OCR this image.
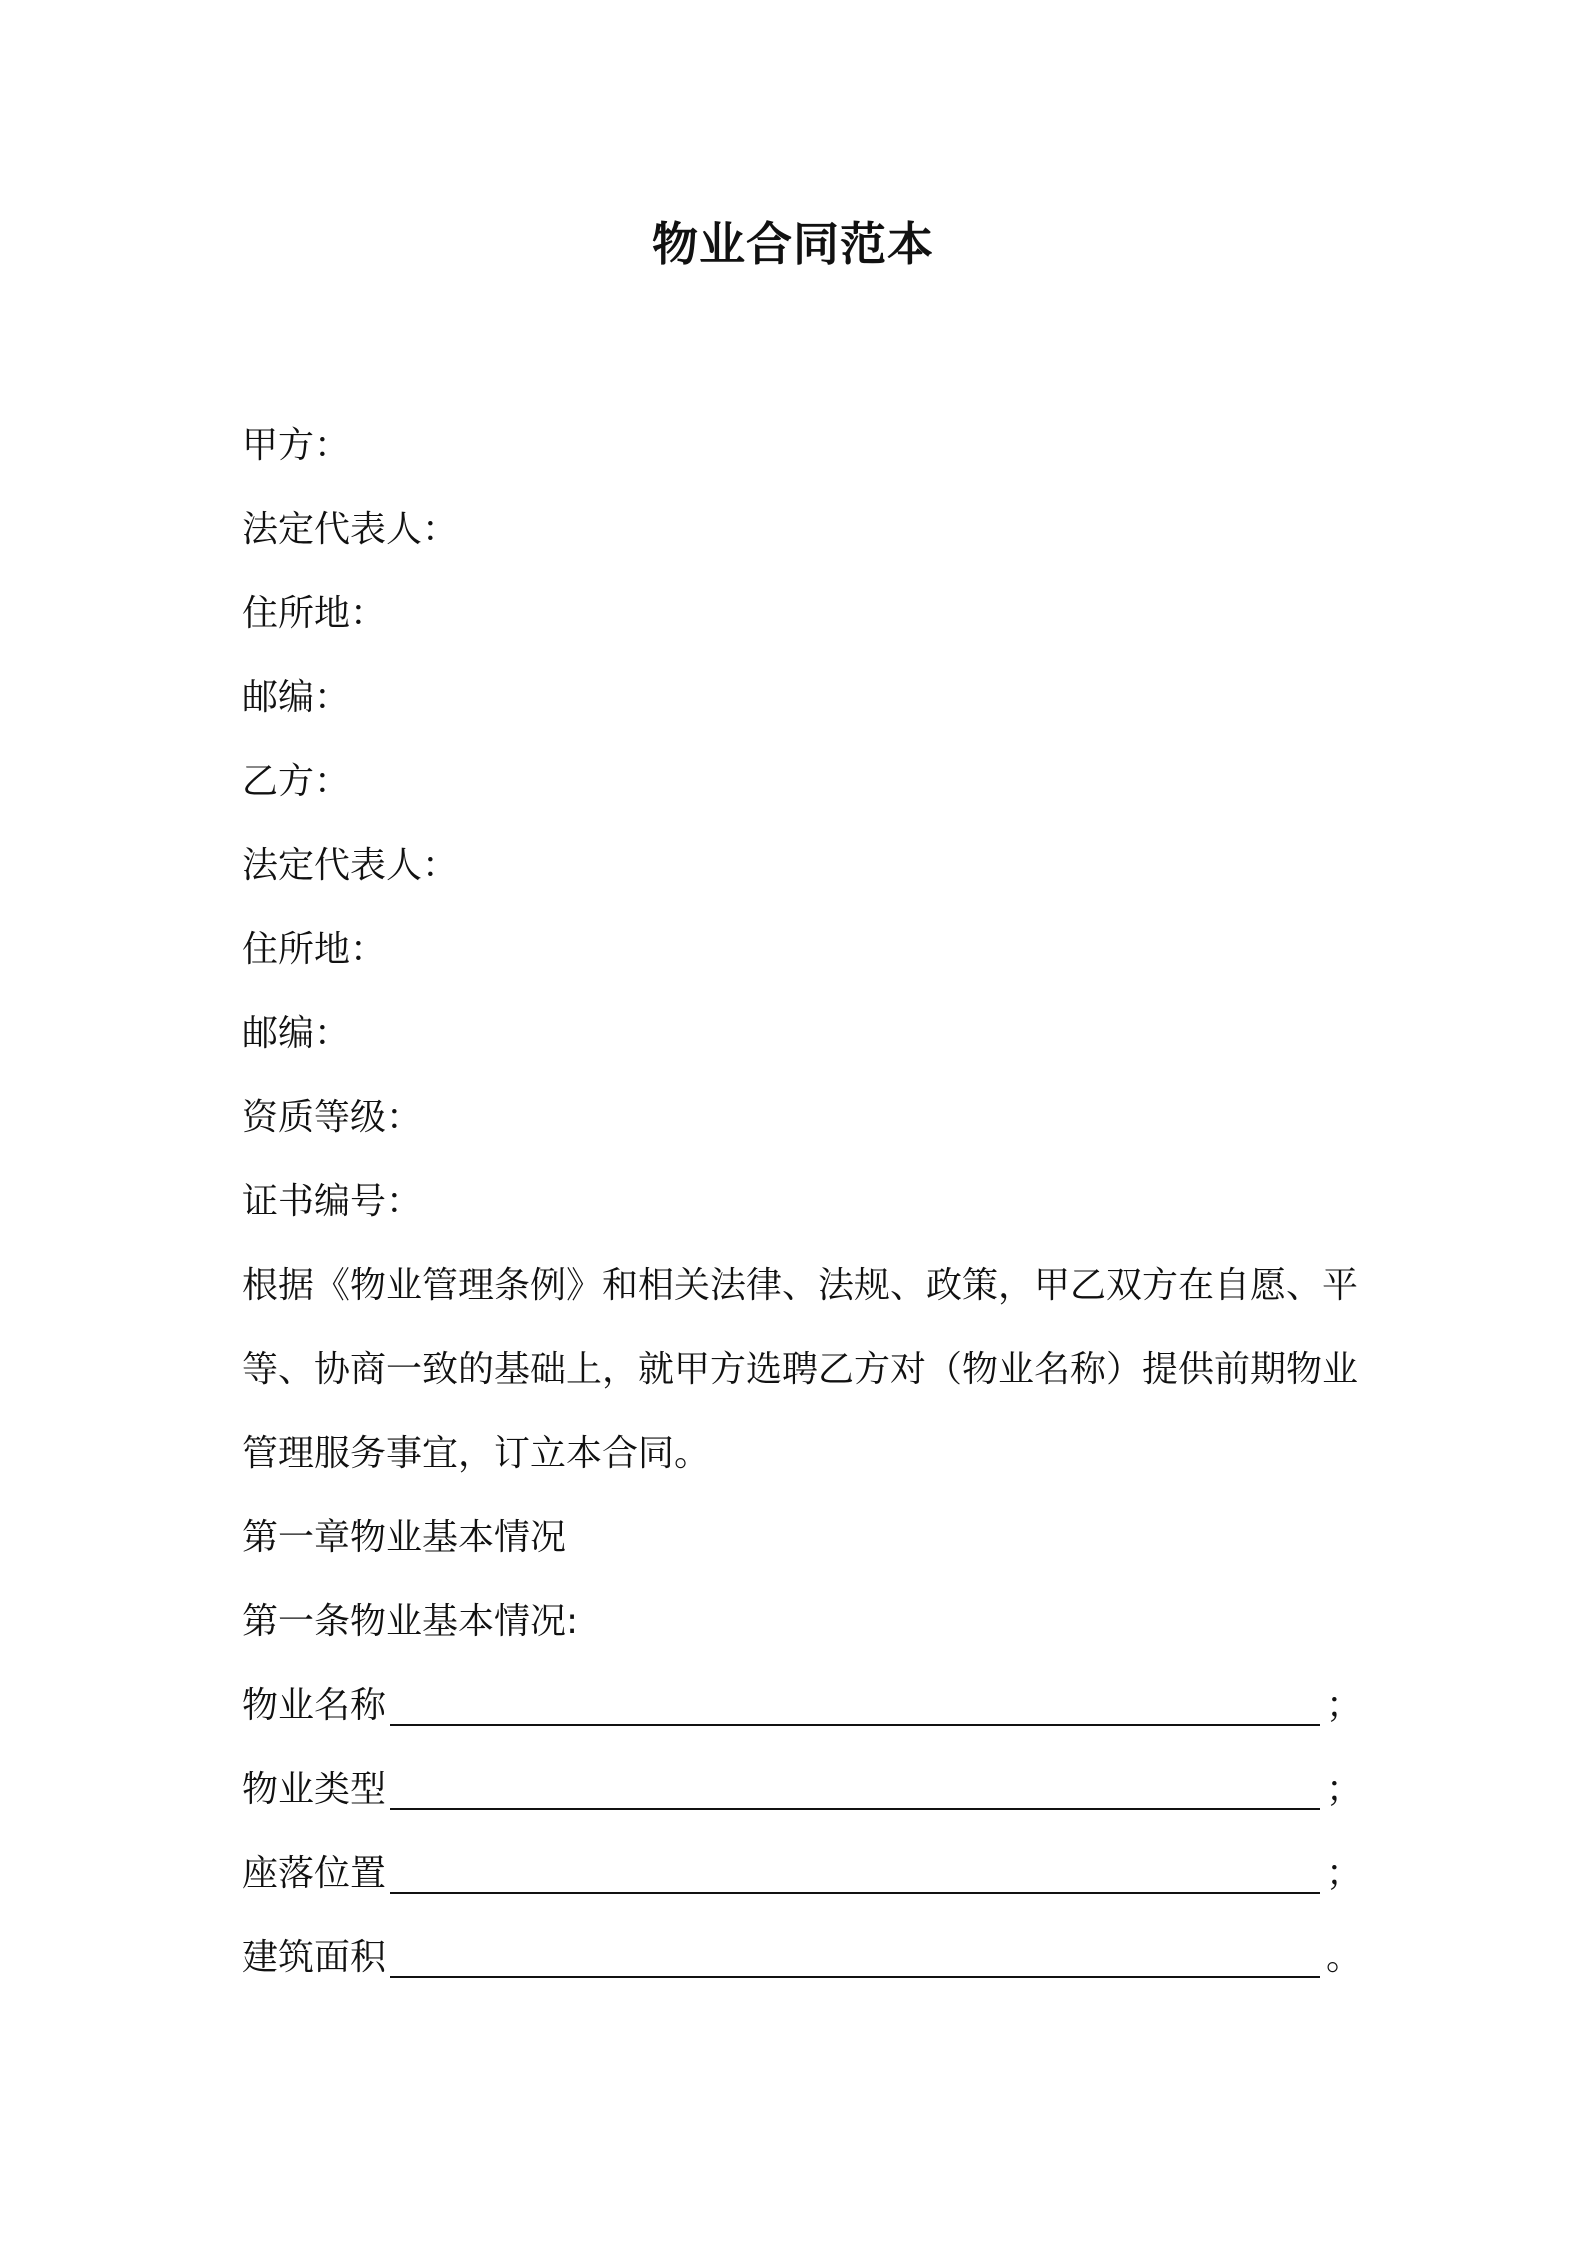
物业合同范本
甲方：
法定代表人：
住所地：
邮编：
乙方：
法定代表人：
住所地：
邮编：
资质等级：
证书编号：
根据《物业管理条例》和相关法律、法规、政策，甲乙双方在自愿、平等、协商一致的基础上，就甲方选聘乙方对（物业名称）提供前期物业管理服务事宜，订立本合同。
第一章物业基本情况
第一条物业基本情况:
物业名称	；
物业类型	；
座落位置	；
建筑面积	。
